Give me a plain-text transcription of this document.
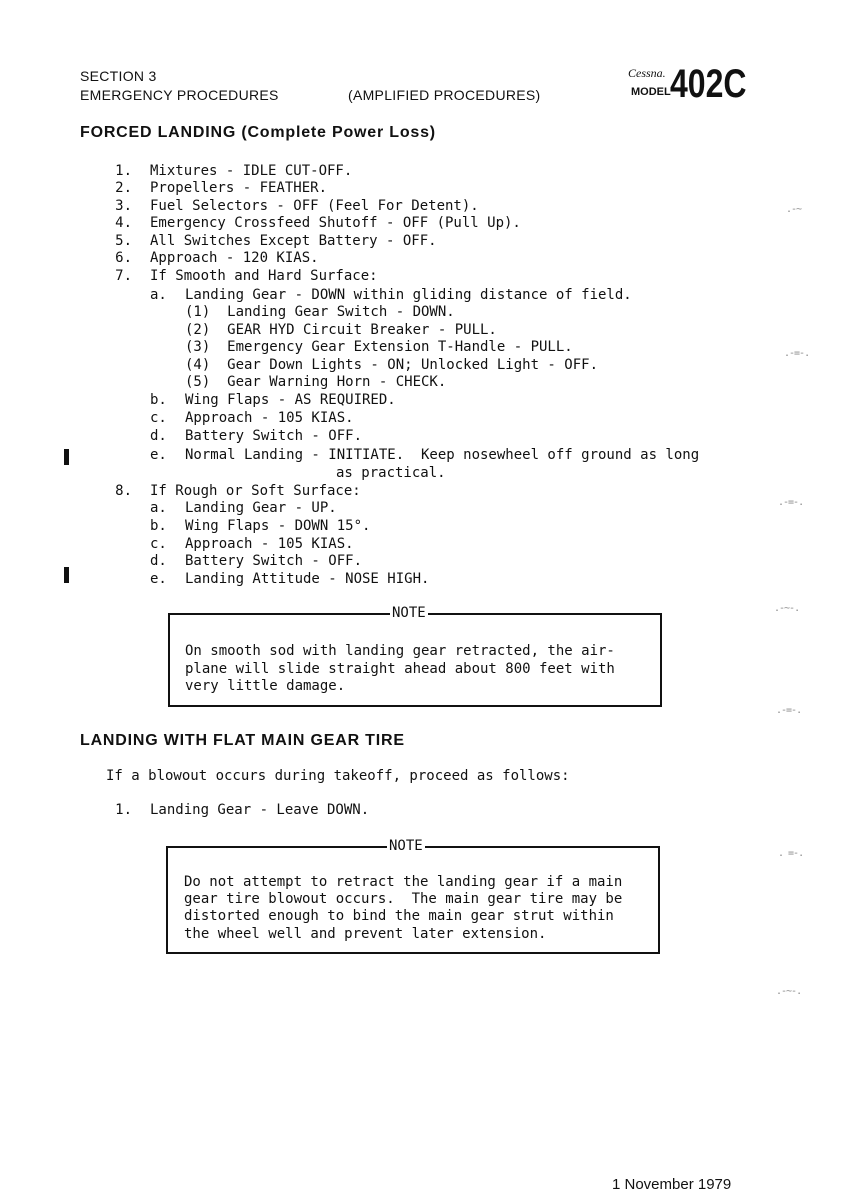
SECTION 3
EMERGENCY PROCEDURES	(AMPLIFIED PROCEDURES)
Cessna.
MODEL 402C
FORCED LANDING (Complete Power Loss)
1. Mixtures - IDLE CUT-OFF.
2. Propellers - FEATHER.
3. Fuel Selectors - OFF (Feel For Detent).
4. Emergency Crossfeed Shutoff - OFF (Pull Up).
5. All Switches Except Battery - OFF.
6. Approach - 120 KIAS.
7. If Smooth and Hard Surface:
a. Landing Gear - DOWN within gliding distance of field.
(1)  Landing Gear Switch - DOWN.
(2)  GEAR HYD Circuit Breaker - PULL.
(3)  Emergency Gear Extension T-Handle - PULL.
(4)  Gear Down Lights - ON; Unlocked Light - OFF.
(5)  Gear Warning Horn - CHECK.
b. Wing Flaps - AS REQUIRED.
c. Approach - 105 KIAS.
d. Battery Switch - OFF.
e. Normal Landing - INITIATE.  Keep nosewheel off ground as long
as practical.
8. If Rough or Soft Surface:
a. Landing Gear - UP.
b. Wing Flaps - DOWN 15°.
c. Approach - 105 KIAS.
d. Battery Switch - OFF.
e. Landing Attitude - NOSE HIGH.
NOTE
On smooth sod with landing gear retracted, the air-
plane will slide straight ahead about 800 feet with
very little damage.
LANDING WITH FLAT MAIN GEAR TIRE
If a blowout occurs during takeoff, proceed as follows:
1. Landing Gear - Leave DOWN.
NOTE
Do not attempt to retract the landing gear if a main
gear tire blowout occurs.  The main gear tire may be
distorted enough to bind the main gear strut within
the wheel well and prevent later extension.
1 November 1979
.-~
.-=-.
.-=-.
.-~-.
.-=-.
. =-.
.-~-.
